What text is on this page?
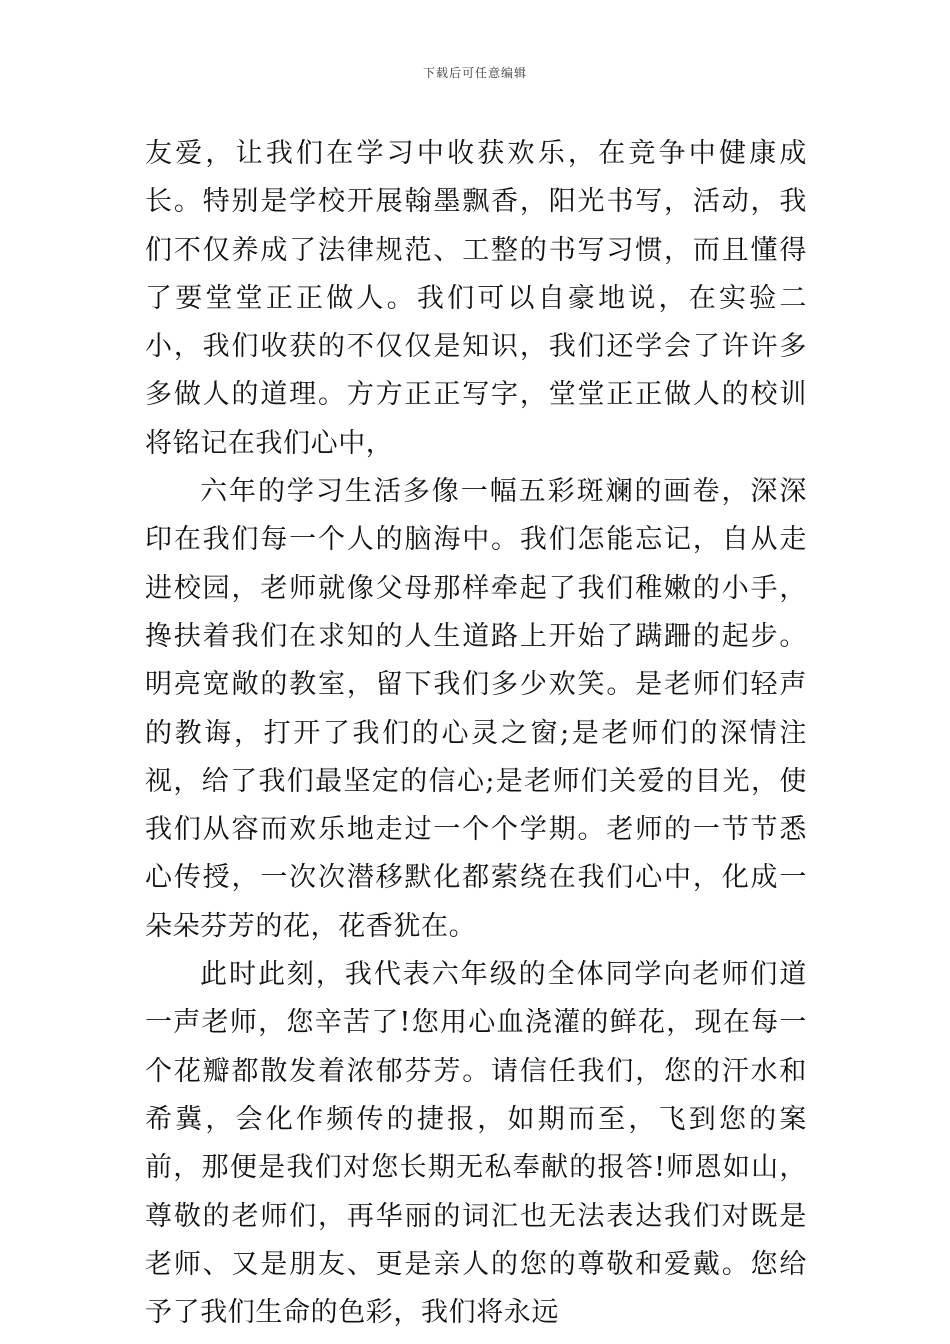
下载后可任意编辑

友爱，让我们在学习中收获欢乐，在竞争中健康成长。特别是学校开展翰墨飘香，阳光书写，活动，我们不仅养成了法律规范、工整的书写习惯，而且懂得了要堂堂正正做人。我们可以自豪地说，在实验二小，我们收获的不仅仅是知识，我们还学会了许许多多做人的道理。方方正正写字，堂堂正正做人的校训将铭记在我们心中，

六年的学习生活多像一幅五彩斑斓的画卷，深深印在我们每一个人的脑海中。我们怎能忘记，自从走进校园，老师就像父母那样牵起了我们稚嫩的小手，搀扶着我们在求知的人生道路上开始了蹒跚的起步。明亮宽敞的教室，留下我们多少欢笑。是老师们轻声的教诲，打开了我们的心灵之窗;是老师们的深情注视，给了我们最坚定的信心;是老师们关爱的目光，使我们从容而欢乐地走过一个个学期。老师的一节节悉心传授，一次次潜移默化都萦绕在我们心中，化成一朵朵芬芳的花，花香犹在。

此时此刻，我代表六年级的全体同学向老师们道一声老师，您辛苦了!您用心血浇灌的鲜花，现在每一个花瓣都散发着浓郁芬芳。请信任我们，您的汗水和希冀，会化作频传的捷报，如期而至，飞到您的案前，那便是我们对您长期无私奉献的报答!师恩如山，尊敬的老师们，再华丽的词汇也无法表达我们对既是老师、又是朋友、更是亲人的您的尊敬和爱戴。您给予了我们生命的色彩，我们将永远
